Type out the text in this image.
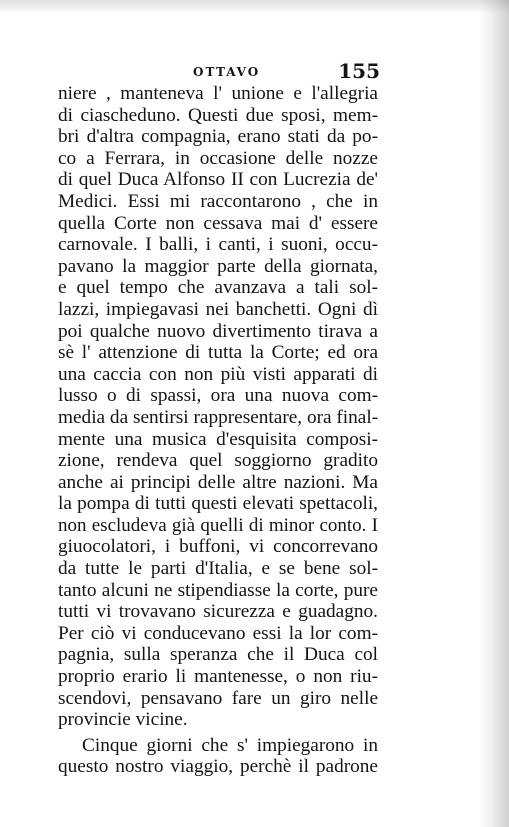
OTTAVO	155
niere , manteneva l' unione e l'allegria
di ciascheduno. Questi due sposi, mem-
bri d'altra compagnia, erano stati da po-
co a Ferrara, in occasione delle nozze
di quel Duca Alfonso II con Lucrezia de'
Medici. Essi mi raccontarono , che in
quella Corte non cessava mai d' essere
carnovale. I balli, i canti, i suoni, occu-
pavano la maggior parte della giornata,
e quel tempo che avanzava a tali sol-
lazzi, impiegavasi nei banchetti. Ogni dì
poi qualche nuovo divertimento tirava a
sè l' attenzione di tutta la Corte; ed ora
una caccia con non più visti apparati di
lusso o di spassi, ora una nuova com-
media da sentirsi rappresentare, ora final-
mente una musica d'esquisita composi-
zione, rendeva quel soggiorno gradito
anche ai principi delle altre nazioni. Ma
la pompa di tutti questi elevati spettacoli,
non escludeva già quelli di minor conto. I
giuocolatori, i buffoni, vi concorrevano
da tutte le parti d'Italia, e se bene sol-
tanto alcuni ne stipendiasse la corte, pure
tutti vi trovavano sicurezza e guadagno.
Per ciò vi conducevano essi la lor com-
pagnia, sulla speranza che il Duca col
proprio erario li mantenesse, o non riu-
scendovi, pensavano fare un giro nelle
provincie vicine.
Cinque giorni che s' impiegarono in
questo nostro viaggio, perchè il padrone
